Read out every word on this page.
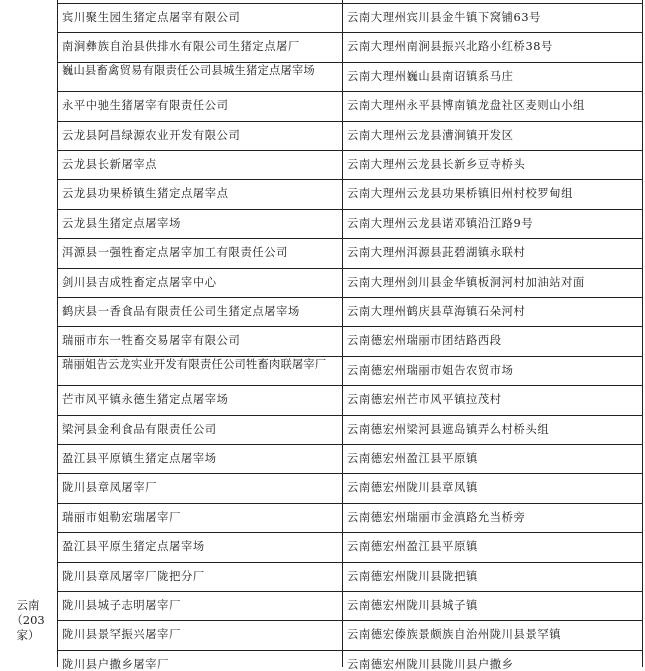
宾川聚生园生猪定点屠宰有限公司	云南大理州宾川县金牛镇下窝铺63号
南涧彝族自治县供排水有限公司生猪定点屠厂	云南大理州南涧县振兴北路小红桥38号
巍山县畜禽贸易有限责任公司县城生猪定点屠宰场	云南大理州巍山县南诏镇系马庄
永平中驰生猪屠宰有限责任公司	云南大理州永平县博南镇龙盘社区麦则山小组
云龙县阿昌绿源农业开发有限公司	云南大理州云龙县漕涧镇开发区
云龙县长新屠宰点	云南大理州云龙县长新乡豆寺桥头
云龙县功果桥镇生猪定点屠宰点	云南大理州云龙县功果桥镇旧州村校罗甸组
云龙县生猪定点屠宰场	云南大理州云龙县诺邓镇沿江路9号
洱源县一强牲畜定点屠宰加工有限责任公司	云南大理州洱源县茈碧湖镇永联村
剑川县吉成牲畜定点屠宰中心	云南大理州剑川县金华镇板洞河村加油站对面
鹤庆县一香食品有限责任公司生猪定点屠宰场	云南大理州鹤庆县草海镇石朵河村
瑞丽市东一牲畜交易屠宰有限公司	云南德宏州瑞丽市团结路西段
瑞丽姐告云龙实业开发有限责任公司牲畜肉联屠宰厂	云南德宏州瑞丽市姐告农贸市场
芒市风平镇永德生猪定点屠宰场	云南德宏州芒市风平镇拉茂村
梁河县金利食品有限责任公司	云南德宏州梁河县遮岛镇弄么村桥头组
盈江县平原镇生猪定点屠宰场	云南德宏州盈江县平原镇
陇川县章凤屠宰厂	云南德宏州陇川县章凤镇
瑞丽市姐勒宏瑞屠宰厂	云南德宏州瑞丽市金滇路允当桥旁
盈江县平原生猪定点屠宰场	云南德宏州盈江县平原镇
陇川县章凤屠宰厂陇把分厂	云南德宏州陇川县陇把镇
陇川县城子志明屠宰厂	云南德宏州陇川县城子镇
陇川县景罕振兴屠宰厂	云南德宏傣族景颇族自治州陇川县景罕镇
陇川县户撒乡屠宰厂	云南德宏州陇川县陇川县户撒乡
云南
（203
家）
